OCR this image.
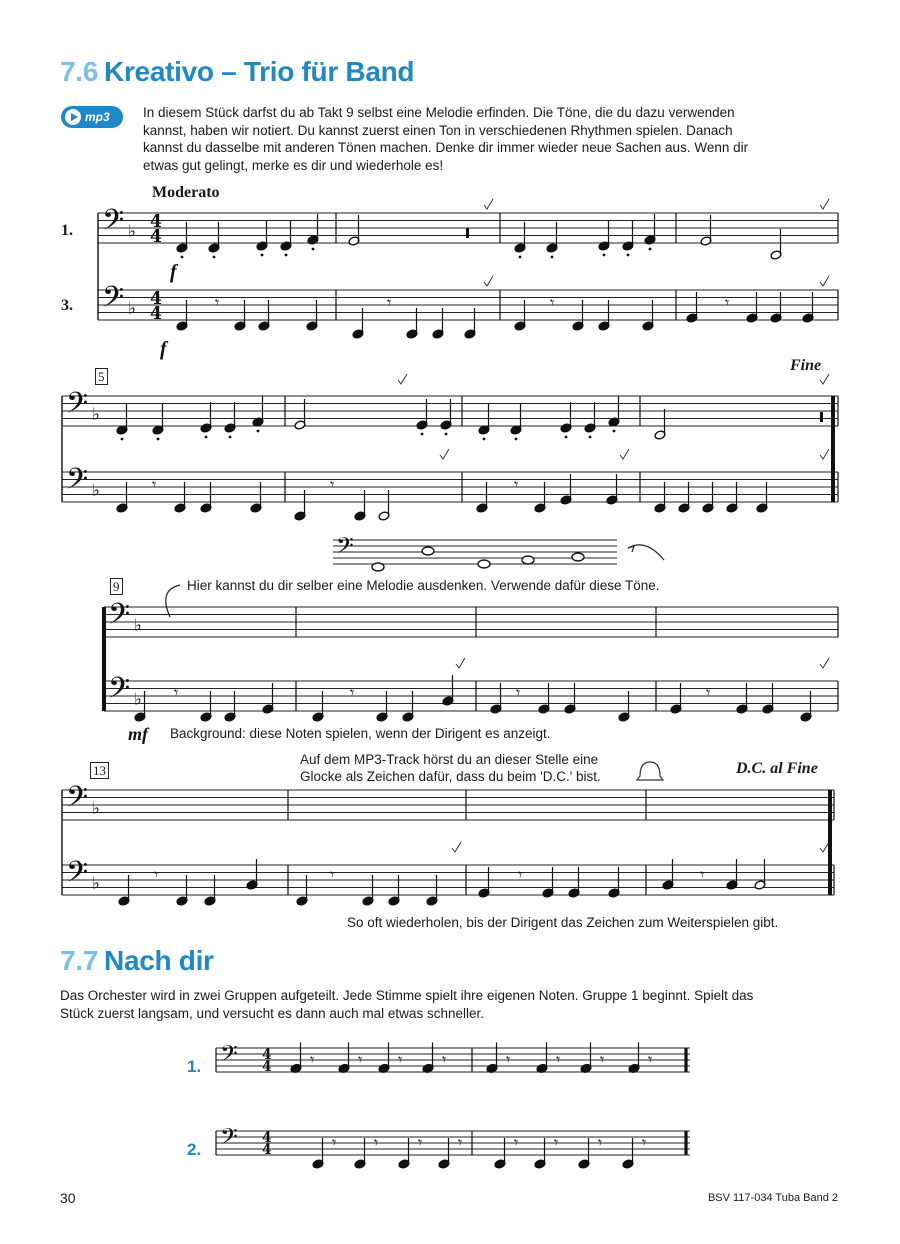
7.6 Kreativo – Trio für Band
mp3 In diesem Stück darfst du ab Takt 9 selbst eine Melodie erfinden. Die Töne, die du dazu verwenden

kannst, haben wir notiert. Du kannst zuerst einen Ton in verschiedenen Rhythmen spielen. Danach

kannst du dasselbe mit anderen Tönen machen. Denke dir immer wieder neue Sachen aus. Wenn dir

etwas gut gelingt, merke es dir und wiederhole es!

Moderato
1.
3.
5
Fine
9	Hier kannst du dir selber eine Melodie ausdenken. Verwende dafür diese Töne.
Background: diese Noten spielen, wenn der Dirigent es anzeigt.
13
Auf dem MP3-Track hörst du an dieser Stelle eine
Glocke als Zeichen dafür, dass du beim 'D.C.' bist.	D.C. al Fine
So oft wiederholen, bis der Dirigent das Zeichen zum Weiterspielen gibt.
7.7 Nach dir

Das Orchester wird in zwei Gruppen aufgeteilt. Jede Stimme spielt ihre eigenen Noten. Gruppe 1 beginnt. Spielt das

Stück zuerst langsam, und versucht es dann auch mal etwas schneller.

1.
2.
𝄢 ♭ 4
4
𝄢 ♭ 4
4
𝄾	𝄾	𝄾	𝄾
f
f
𝄢 ♭
𝄢 ♭	𝄾	𝄾	𝄾
𝄢
𝄢 ♭
𝄢 ♭ 𝄾	𝄾	𝄾	𝄾
mf
𝄢 ♭
𝄢 ♭	𝄾	𝄾	𝄾	𝄾
𝄢 4
4 𝄾	𝄾 𝄾 𝄾	𝄾	𝄾 𝄾	𝄾
𝄢 4
4	𝄾 𝄾 𝄾 𝄾	𝄾 𝄾 𝄾 𝄾
30	BSV 117-034 Tuba Band 2
